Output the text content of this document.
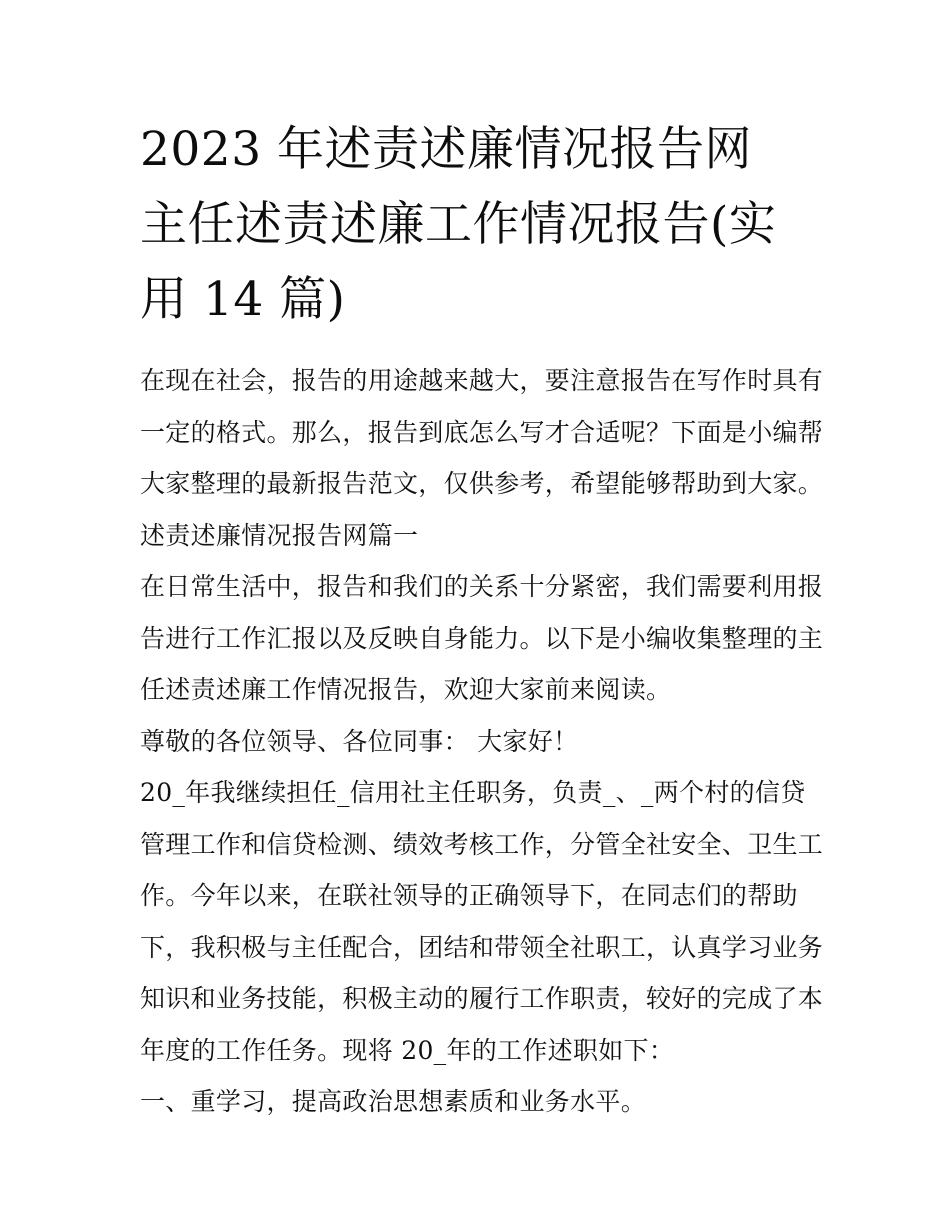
2023 年述责述廉情况报告网
主任述责述廉工作情况报告(实
用 14 篇)
在现在社会，报告的用途越来越大，要注意报告在写作时具有
一定的格式。那么，报告到底怎么写才合适呢？下面是小编帮
大家整理的最新报告范文，仅供参考，希望能够帮助到大家。
述责述廉情况报告网篇一
在日常生活中，报告和我们的关系十分紧密，我们需要利用报
告进行工作汇报以及反映自身能力。以下是小编收集整理的主
任述责述廉工作情况报告，欢迎大家前来阅读。
尊敬的各位领导、各位同事： 大家好！
20_年我继续担任_信用社主任职务，负责_、_两个村的信贷
管理工作和信贷检测、绩效考核工作，分管全社安全、卫生工
作。今年以来，在联社领导的正确领导下，在同志们的帮助
下，我积极与主任配合，团结和带领全社职工，认真学习业务
知识和业务技能，积极主动的履行工作职责，较好的完成了本
年度的工作任务。现将 20_年的工作述职如下：
一、重学习，提高政治思想素质和业务水平。
